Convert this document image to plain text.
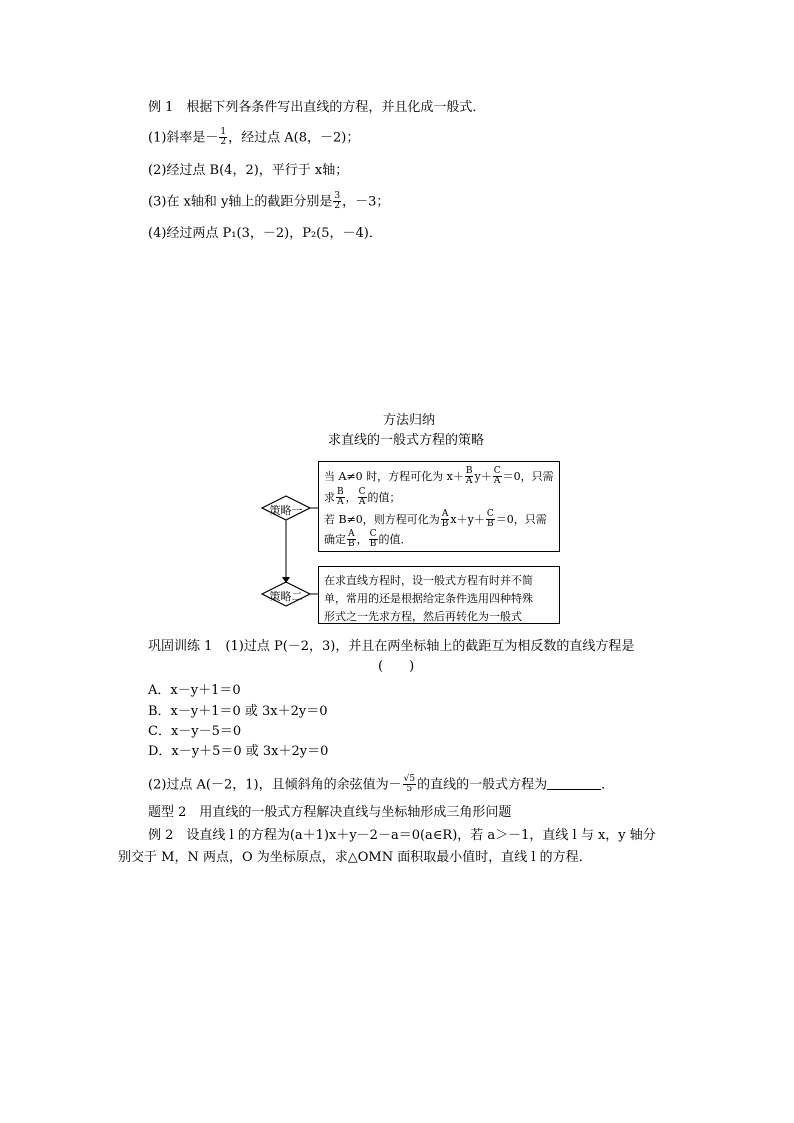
例 1　根据下列各条件写出直线的方程，并且化成一般式．
(1)斜率是－ $\frac{1}{2}$ ，经过点 A(8，－2)；
(2)经过点 B(4，2)，平行于 x轴；
(3)在 x轴和 y轴上的截距分别是 $\frac{3}{2}$ ，－3；
(4)经过两点 P₁(3，－2)，P₂(5，－4)．
方法归纳
求直线的一般式方程的策略
策略一
策略二
当 A≠0 时，方程可化为 $x+ \frac{B}{A} y+ \frac{C}{A} =0$，只需
求 $\frac{B}{A}$ ， $\frac{C}{A}$ 的值；
若 B≠0，则方程可化为 $\frac{A}{B} x+y+ \frac{C}{B} =0$，只需
确定 $\frac{A}{B}$ ， $\frac{C}{B}$ 的值．
在求直线方程时，设一般式方程有时并不简
单，常用的还是根据给定条件选用四种特殊
形式之一先求方程，然后再转化为一般式
巩固训练 1　(1)过点 P(－2，3)，并且在两坐标轴上的截距互为相反数的直线方程是
(　　)
A．x－y＋1＝0
B．x－y＋1＝0 或 3x＋2y＝0
C．x－y－5＝0
D．x－y＋5＝0 或 3x＋2y＝0
(2)过点 A(－2，1)，且倾斜角的余弦值为－ $\frac{√5}{5}$ 的直线的一般式方程为	．
题型 2　用直线的一般式方程解决直线与坐标轴形成三角形问题
例 2　设直线 l 的方程为(a＋1)x＋y－2－a＝0(a∈R)，若 a＞－1，直线 l 与 x，y 轴分
别交于 M，N 两点，O 为坐标原点，求△OMN 面积取最小值时，直线 l 的方程．
